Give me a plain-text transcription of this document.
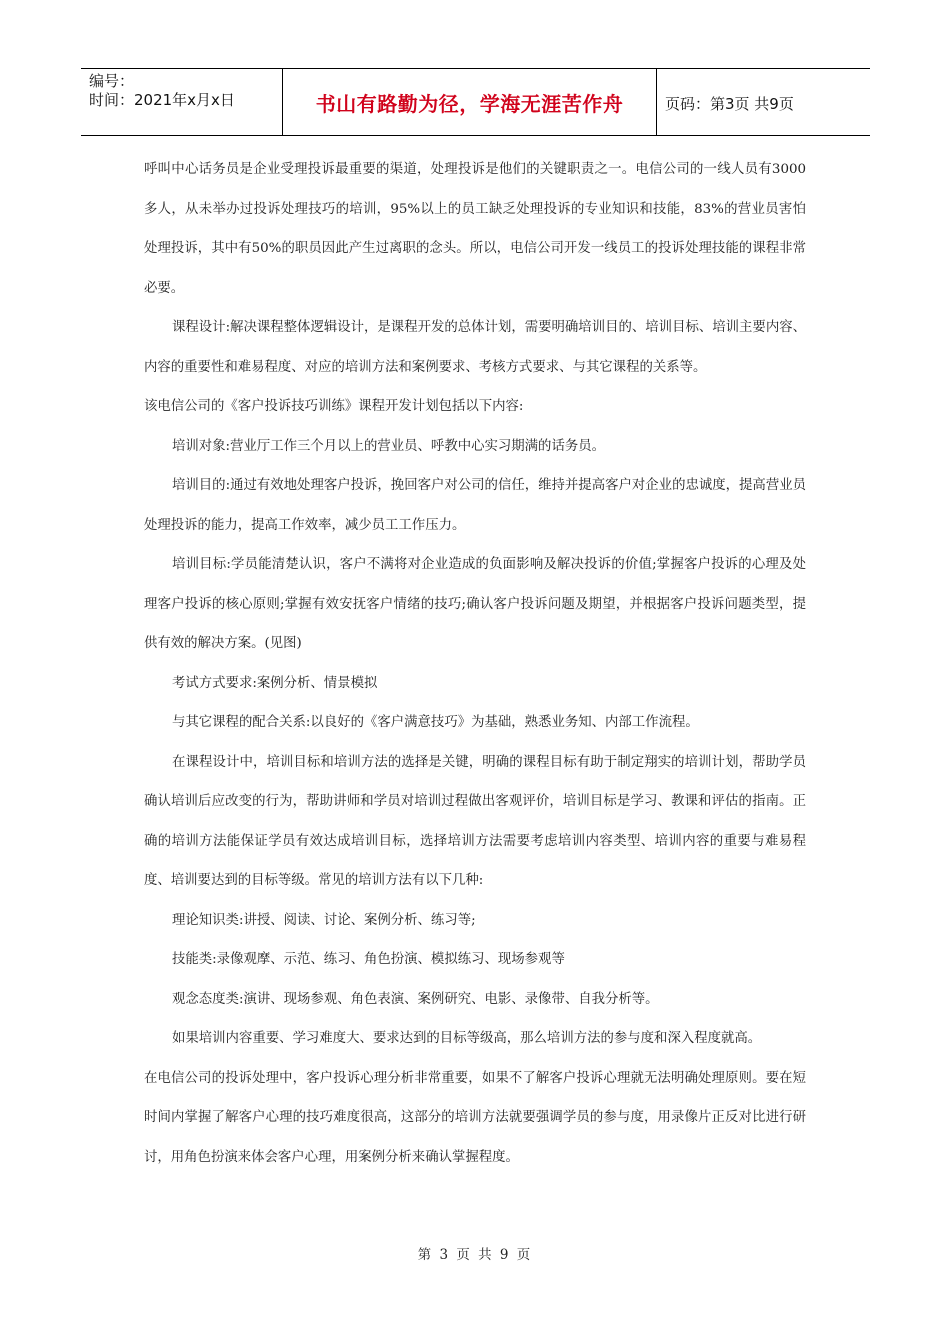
编号：
时间：2021年x月x日	书山有路勤为径，学海无涯苦作舟	页码：第3页 共9页

呼叫中心话务员是企业受理投诉最重要的渠道，处理投诉是他们的关键职责之一。电信公司的一线人员有3000多人，从未举办过投诉处理技巧的培训，95%以上的员工缺乏处理投诉的专业知识和技能，83%的营业员害怕处理投诉，其中有50%的职员因此产生过离职的念头。所以，电信公司开发一线员工的投诉处理技能的课程非常必要。

课程设计:解决课程整体逻辑设计，是课程开发的总体计划，需要明确培训目的、培训目标、培训主要内容、内容的重要性和难易程度、对应的培训方法和案例要求、考核方式要求、与其它课程的关系等。

该电信公司的《客户投诉技巧训练》课程开发计划包括以下内容:

培训对象:营业厅工作三个月以上的营业员、呼教中心实习期满的话务员。

培训目的:通过有效地处理客户投诉，挽回客户对公司的信任，维持并提高客户对企业的忠诚度，提高营业员处理投诉的能力，提高工作效率，减少员工工作压力。

培训目标:学员能清楚认识，客户不满将对企业造成的负面影响及解决投诉的价值;掌握客户投诉的心理及处理客户投诉的核心原则;掌握有效安抚客户情绪的技巧;确认客户投诉问题及期望，并根据客户投诉问题类型，提供有效的解决方案。(见图)

考试方式要求:案例分析、情景模拟

与其它课程的配合关系:以良好的《客户满意技巧》为基础，熟悉业务知、内部工作流程。

在课程设计中，培训目标和培训方法的选择是关键，明确的课程目标有助于制定翔实的培训计划，帮助学员确认培训后应改变的行为，帮助讲师和学员对培训过程做出客观评价，培训目标是学习、教课和评估的指南。正确的培训方法能保证学员有效达成培训目标，选择培训方法需要考虑培训内容类型、培训内容的重要与难易程度、培训要达到的目标等级。常见的培训方法有以下几种:

理论知识类:讲授、阅读、讨论、案例分析、练习等;

技能类:录像观摩、示范、练习、角色扮演、模拟练习、现场参观等

观念态度类:演讲、现场参观、角色表演、案例研究、电影、录像带、自我分析等。

如果培训内容重要、学习难度大、要求达到的目标等级高，那么培训方法的参与度和深入程度就高。

在电信公司的投诉处理中，客户投诉心理分析非常重要，如果不了解客户投诉心理就无法明确处理原则。要在短时间内掌握了解客户心理的技巧难度很高，这部分的培训方法就要强调学员的参与度，用录像片正反对比进行研讨，用角色扮演来体会客户心理，用案例分析来确认掌握程度。

第 3 页 共 9 页
